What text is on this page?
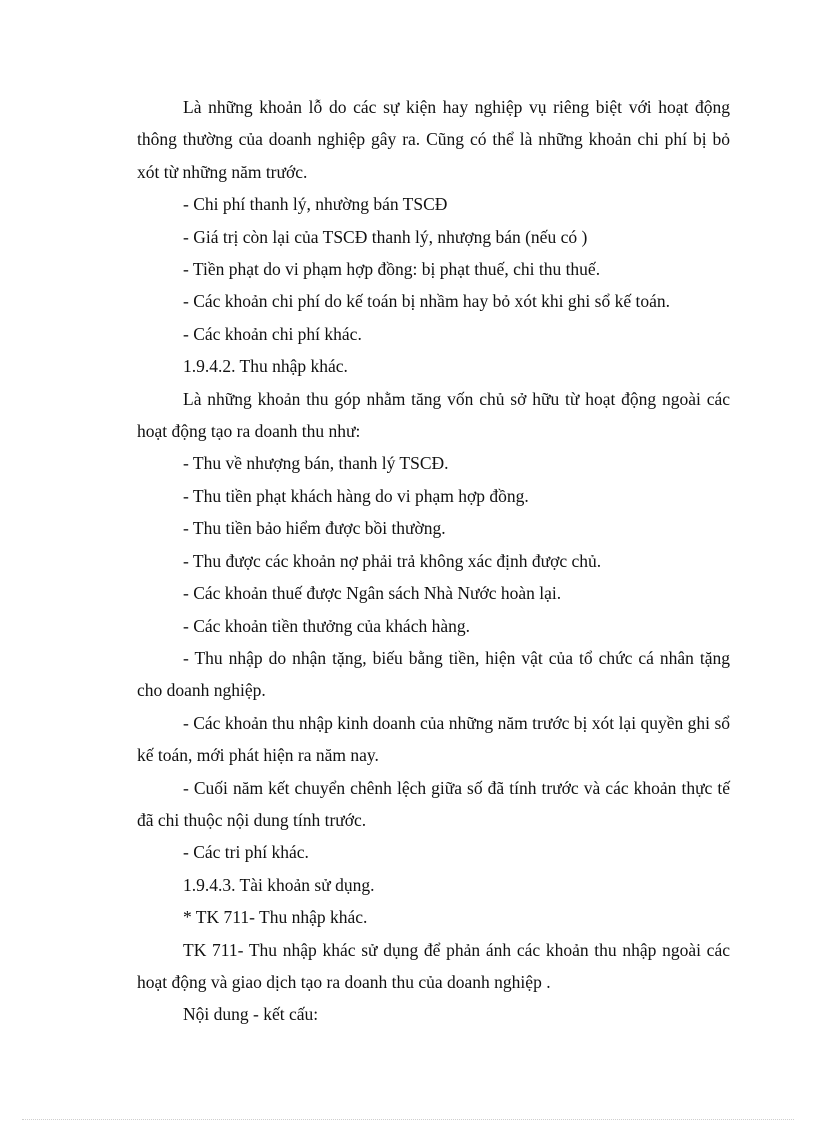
Là những khoản lỗ do các sự kiện hay nghiệp vụ riêng biệt với hoạt động thông thường của doanh nghiệp gây ra. Cũng có thể là những khoản chi phí bị bỏ xót từ những năm trước.

- Chi phí thanh lý, nhường bán TSCĐ

- Giá trị còn lại của TSCĐ thanh lý, nhượng bán (nếu có )

- Tiền phạt do vi phạm hợp đồng: bị phạt thuế, chi thu thuế.

- Các khoản chi phí do kế toán bị nhầm hay bỏ xót khi ghi sổ kế toán.

- Các khoản chi phí khác.

1.9.4.2. Thu nhập khác.

Là những khoản thu góp nhằm tăng vốn chủ sở hữu từ hoạt động ngoài các hoạt động tạo ra doanh thu như:

- Thu về nhượng bán, thanh lý TSCĐ.

- Thu tiền phạt khách hàng do vi phạm hợp đồng.

- Thu tiền bảo hiểm được bồi thường.

- Thu được các khoản nợ phải trả không xác định được chủ.

- Các khoản thuế được Ngân sách Nhà Nước hoàn lại.

- Các khoản tiền thưởng của khách hàng.

- Thu nhập do nhận tặng, biếu bằng tiền, hiện vật của tổ chức cá nhân tặng cho doanh nghiệp.

- Các khoản thu nhập kinh doanh của những năm trước bị xót lại quyền ghi sổ kế toán, mới phát hiện ra năm nay.

- Cuối năm kết chuyển chênh lệch giữa số đã tính trước và các khoản thực tế đã chi thuộc nội dung tính trước.

- Các tri phí khác.

1.9.4.3. Tài khoản sử dụng.

* TK 711- Thu nhập khác.

TK 711- Thu nhập khác sử dụng để phản ánh các khoản thu nhập ngoài các hoạt động và giao dịch tạo ra doanh thu của doanh nghiệp .

Nội dung - kết cấu:
